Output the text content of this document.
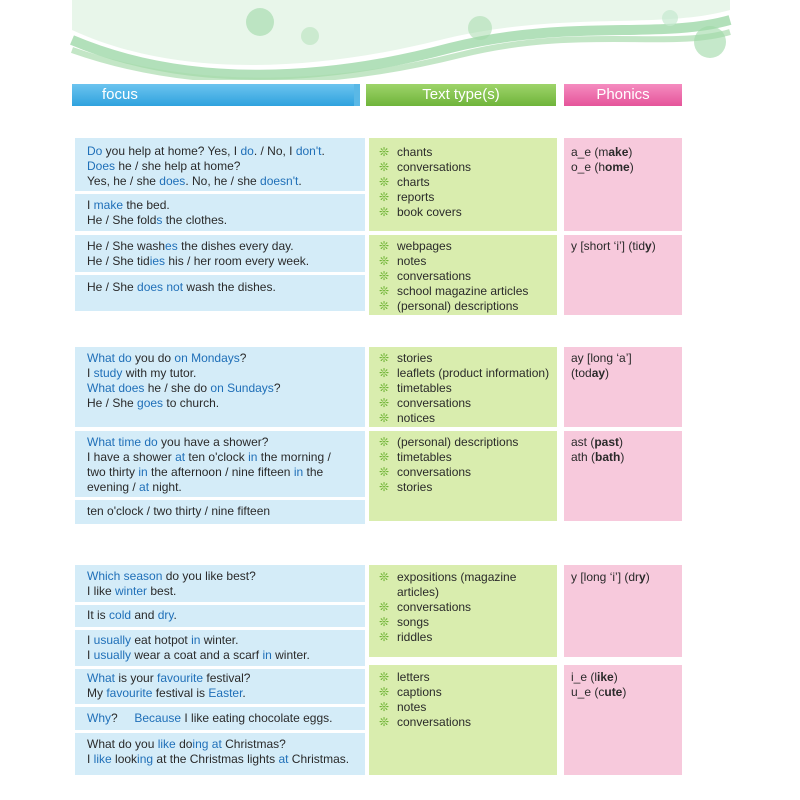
focus	Text type(s)	Phonics
Do you help at home? Yes, I do. / No, I don't.
Does he / she help at home?
Yes, he / she does. No, he / she doesn't.
I make the bed.
He / She folds the clothes.
He / She washes the dishes every day.
He / She tidies his / her room every week.
He / She does not wash the dishes.
❊ chants
❊ conversations
❊ charts
❊ reports
❊ book covers
❊ webpages
❊ notes
❊ conversations
❊ school magazine articles
❊ (personal) descriptions
a_e (make)
o_e (home)
y [short ‘i’] (tidy)
What do you do on Mondays?
I study with my tutor.
What does he / she do on Sundays?
He / She goes to church.
What time do you have a shower?
I have a shower at ten o'clock in the morning /
two thirty in the afternoon / nine fifteen in the
evening / at night.
ten o'clock / two thirty / nine fifteen
❊ stories
❊ leaflets (product information)
❊ timetables
❊ conversations
❊ notices
❊ (personal) descriptions
❊ timetables
❊ conversations
❊ stories
ay [long ‘a’]
(today)
ast (past)
ath (bath)
Which season do you like best?
I like winter best.
It is cold and dry.
I usually eat hotpot in winter.
I usually wear a coat and a scarf in winter.
What is your favourite festival?
My favourite festival is Easter.
Why?     Because I like eating chocolate eggs.
What do you like doing at Christmas?
I like looking at the Christmas lights at Christmas.
❊ expositions (magazine
articles)
❊ conversations
❊ songs
❊ riddles
❊ letters
❊ captions
❊ notes
❊ conversations
y [long ‘i’] (dry)
i_e (like)
u_e (cute)
